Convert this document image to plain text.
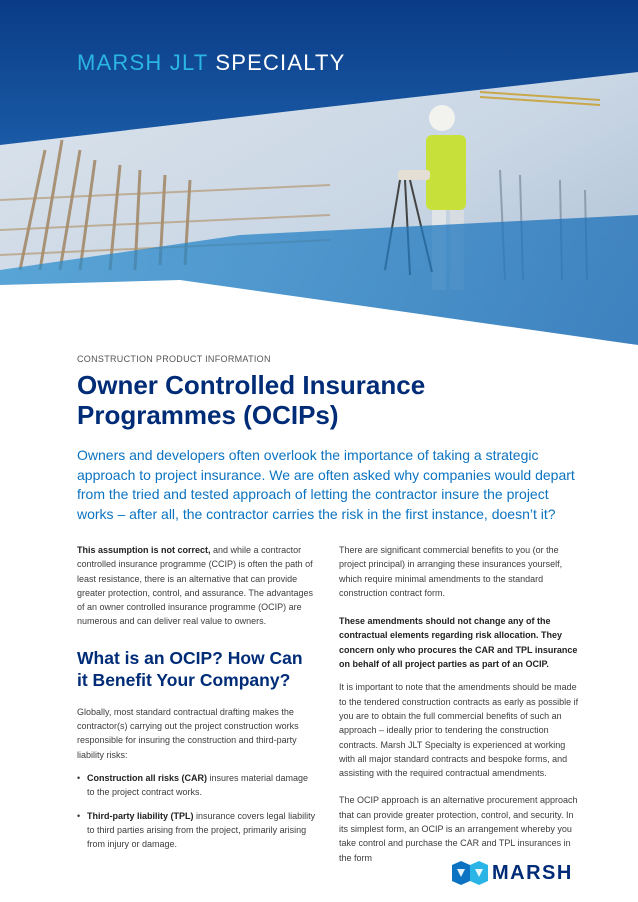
MARSH JLT SPECIALTY
CONSTRUCTION PRODUCT INFORMATION
Owner Controlled Insurance Programmes (OCIPs)
Owners and developers often overlook the importance of taking a strategic approach to project insurance. We are often asked why companies would depart from the tried and tested approach of letting the contractor insure the project works – after all, the contractor carries the risk in the first instance, doesn’t it?

This assumption is not correct, and while a contractor controlled insurance programme (CCIP) is often the path of least resistance, there is an alternative that can provide greater protection, control, and assurance. The advantages of an owner controlled insurance programme (OCIP) are numerous and can deliver real value to owners.

What is an OCIP? How Can it Benefit Your Company?

Globally, most standard contractual drafting makes the contractor(s) carrying out the project construction works responsible for insuring the construction and third-party liability risks:

• Construction all risks (CAR) insures material damage to the project contract works.
• Third-party liability (TPL) insurance covers legal liability to third parties arising from the project, primarily arising from injury or damage.

There are significant commercial benefits to you (or the project principal) in arranging these insurances yourself, which require minimal amendments to the standard construction contract form.

These amendments should not change any of the contractual elements regarding risk allocation. They concern only who procures the CAR and TPL insurance on behalf of all project parties as part of an OCIP.

It is important to note that the amendments should be made to the tendered construction contracts as early as possible if you are to obtain the full commercial benefits of such an approach – ideally prior to tendering the construction contracts. Marsh JLT Specialty is experienced at working with all major standard contracts and bespoke forms, and assisting with the required contractual amendments.

The OCIP approach is an alternative procurement approach that can provide greater protection, control, and security. In its simplest form, an OCIP is an arrangement whereby you take control and purchase the CAR and TPL insurances in the form

MARSH
